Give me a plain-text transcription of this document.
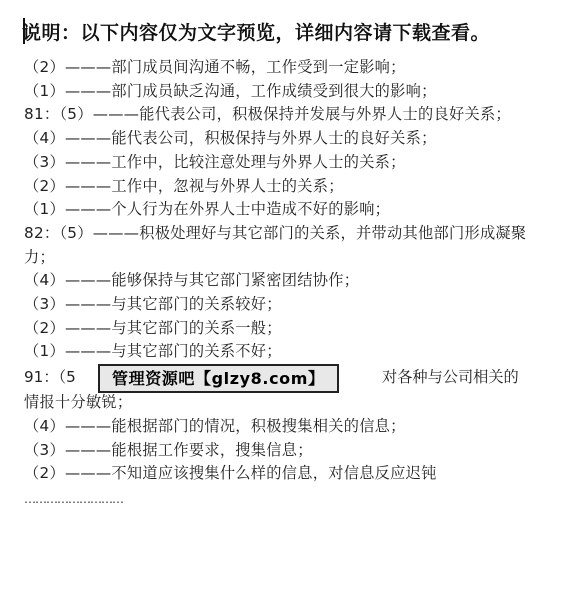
说明：以下内容仅为文字预览，详细内容请下载查看。
（2）———部门成员间沟通不畅，工作受到一定影响；
（1）———部门成员缺乏沟通，工作成绩受到很大的影响；
81：（5）———能代表公司，积极保持并发展与外界人士的良好关系；
（4）———能代表公司，积极保持与外界人士的良好关系；
（3）———工作中，比较注意处理与外界人士的关系；
（2）———工作中，忽视与外界人士的关系；
（1）———个人行为在外界人士中造成不好的影响；
82：（5）———积极处理好与其它部门的关系，并带动其他部门形成凝聚力；
（4）———能够保持与其它部门紧密团结协作；
（3）———与其它部门的关系较好；
（2）———与其它部门的关系一般；
（1）———与其它部门的关系不好；
91：（5	管理资源吧【glzy8.com】	对各种与公司相关的
情报十分敏锐；
（4）———能根据部门的情况，积极搜集相关的信息；
（3）———能根据工作要求，搜集信息；
（2）———不知道应该搜集什么样的信息，对信息反应迟钝
………………………
